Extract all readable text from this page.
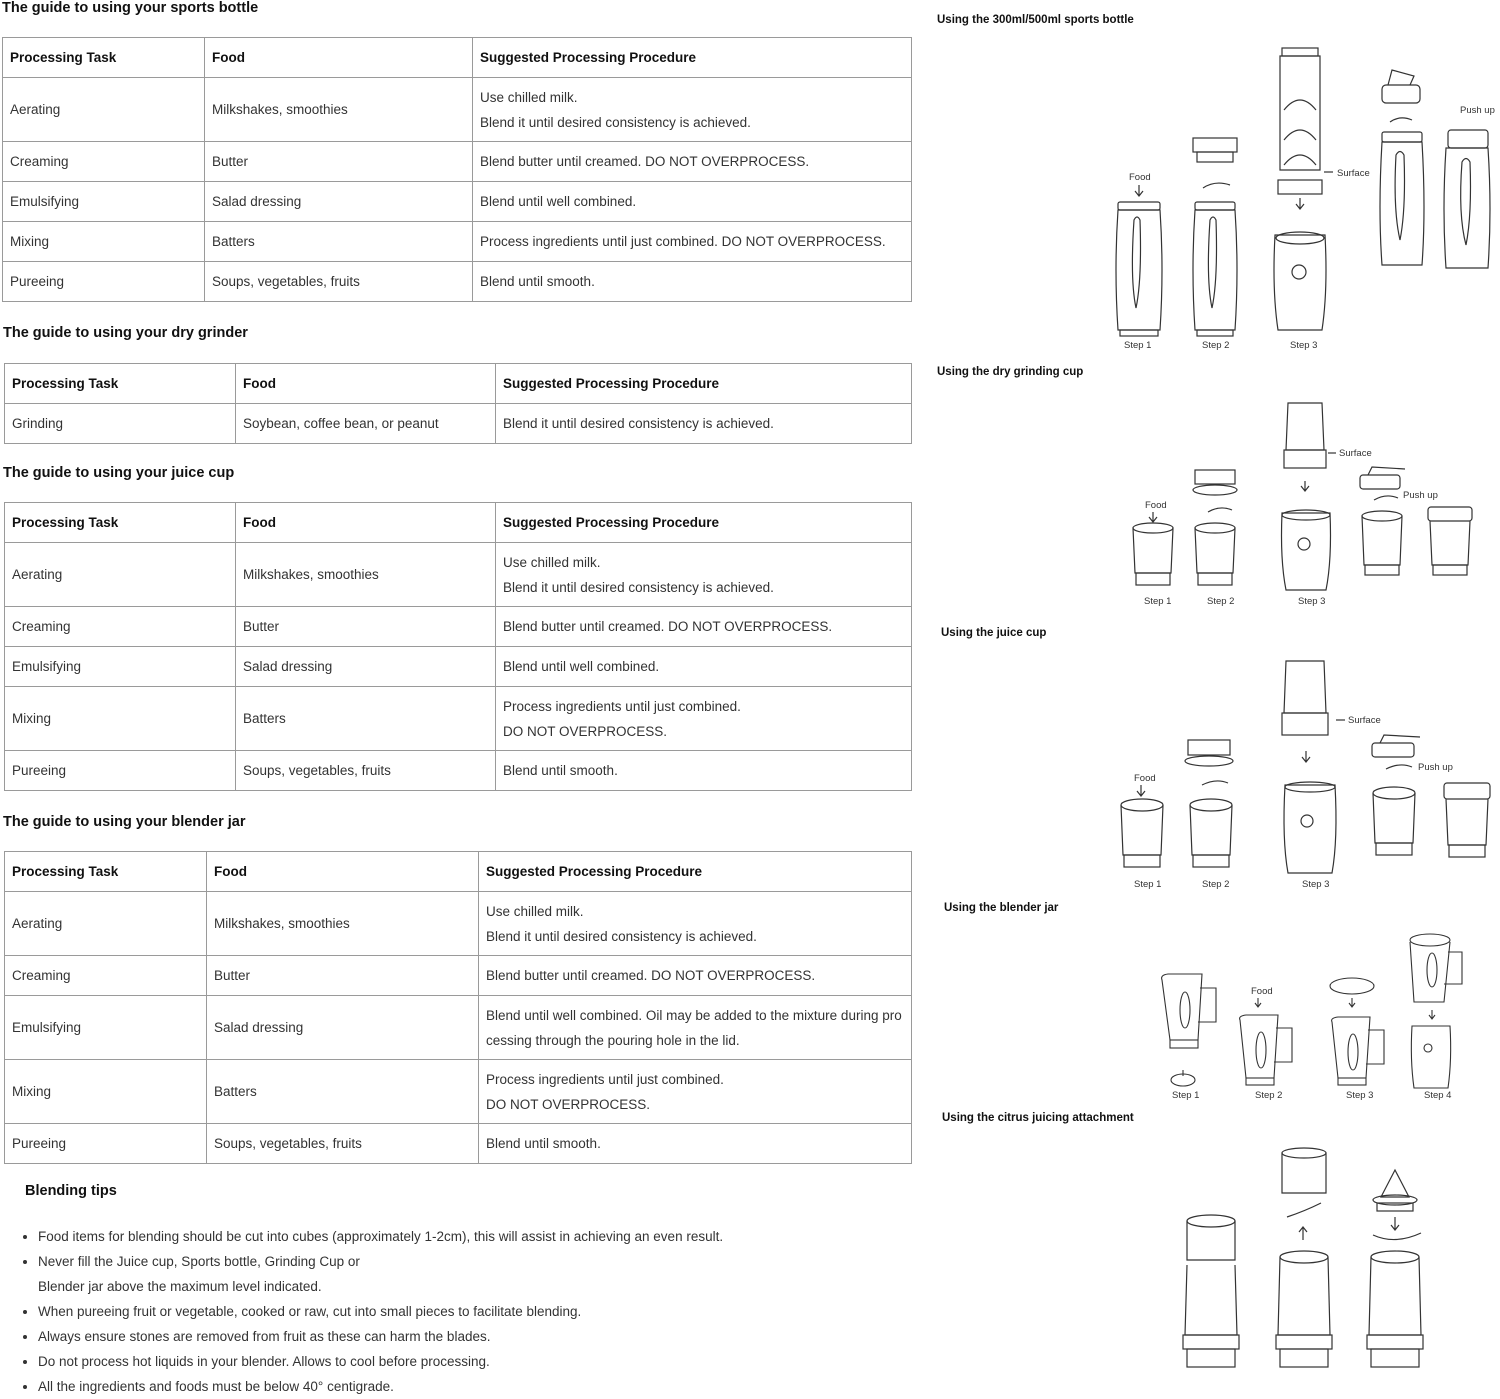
The guide to using your sports bottle
Processing Task	Food	Suggested Processing Procedure
Aerating	Milkshakes, smoothies	Use chilled milk.
Blend it until desired consistency is achieved.

Creaming	Butter	Blend butter until creamed. DO NOT OVERPROCESS.
Emulsifying	Salad dressing	Blend until well combined.
Mixing	Batters	Process ingredients until just combined. DO NOT OVERPROCESS.
Pureeing	Soups, vegetables, fruits	Blend until smooth.
The guide to using your dry grinder
Processing Task	Food	Suggested Processing Procedure
Grinding	Soybean, coffee bean, or peanut	Blend it until desired consistency is achieved.
The guide to using your juice cup
Processing Task	Food	Suggested Processing Procedure
Aerating	Milkshakes, smoothies	Use chilled milk.
Blend it until desired consistency is achieved.

Creaming	Butter	Blend butter until creamed. DO NOT OVERPROCESS.
Emulsifying	Salad dressing	Blend until well combined.
Mixing	Batters	Process ingredients until just combined.
DO NOT OVERPROCESS.

Pureeing	Soups, vegetables, fruits	Blend until smooth.
The guide to using your blender jar
Processing Task	Food	Suggested Processing Procedure
Aerating	Milkshakes, smoothies	Use chilled milk.
Blend it until desired consistency is achieved.

Creaming	Butter	Blend butter until creamed. DO NOT OVERPROCESS.
Emulsifying	Salad dressing	Blend until well combined. Oil may be added to the mixture during pro
cessing through the pouring hole in the lid.

Mixing	Batters	Process ingredients until just combined.
DO NOT OVERPROCESS.

Pureeing	Soups, vegetables, fruits	Blend until smooth.
Blending tips
• Food items for blending should be cut into cubes (approximately 1-2cm), this will assist in achieving an even result.
• Never fill the Juice cup, Sports bottle, Grinding Cup or
Blender jar above the maximum level indicated.
• When pureeing fruit or vegetable, cooked or raw, cut into small pieces to facilitate blending.
• Always ensure stones are removed from fruit as these can harm the blades.
• Do not process hot liquids in your blender. Allows to cool before processing.
• All the ingredients and foods must be below 40° centigrade.
Using the 300ml/500ml sports bottle
Food
Step 1	Step 2
Surface
Step 3
Push up
Using the dry grinding cup
Food
Step 1	Step 2
Surface
Step 3
Push up
Using the juice cup
Food
Step 1	Step 2
Surface
Step 3
Push up
Using the blender jar
Step 1
Food
Step 2	Step 3	Step 4
Using the citrus juicing attachment
